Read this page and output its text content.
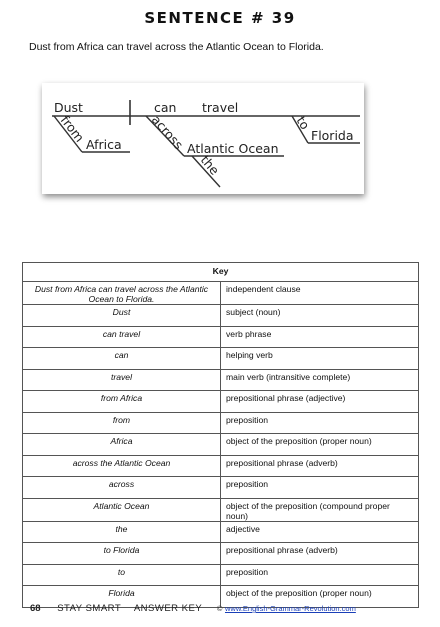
SENTENCE # 39
Dust from Africa can travel across the Atlantic Ocean to Florida.
Dust	can travel
from
Africa across Atlantic Ocean
the
to
Florida
Key	
Dust from Africa can travel across the Atlantic Ocean to Florida.	independent clause
Dust	subject (noun)
can travel	verb phrase
can	helping verb
travel	main verb (intransitive complete)
from Africa	prepositional phrase (adjective)
from	preposition
Africa	object of the preposition (proper noun)
across the Atlantic Ocean	prepositional phrase (adverb)
across	preposition
Atlantic Ocean	object of the preposition (compound proper noun)
the	adjective
to Florida	prepositional phrase (adverb)
to	preposition
Florida	object of the preposition (proper noun)
68 STAY SMART ANSWER KEY © www.English-Grammar-Revolution.com
